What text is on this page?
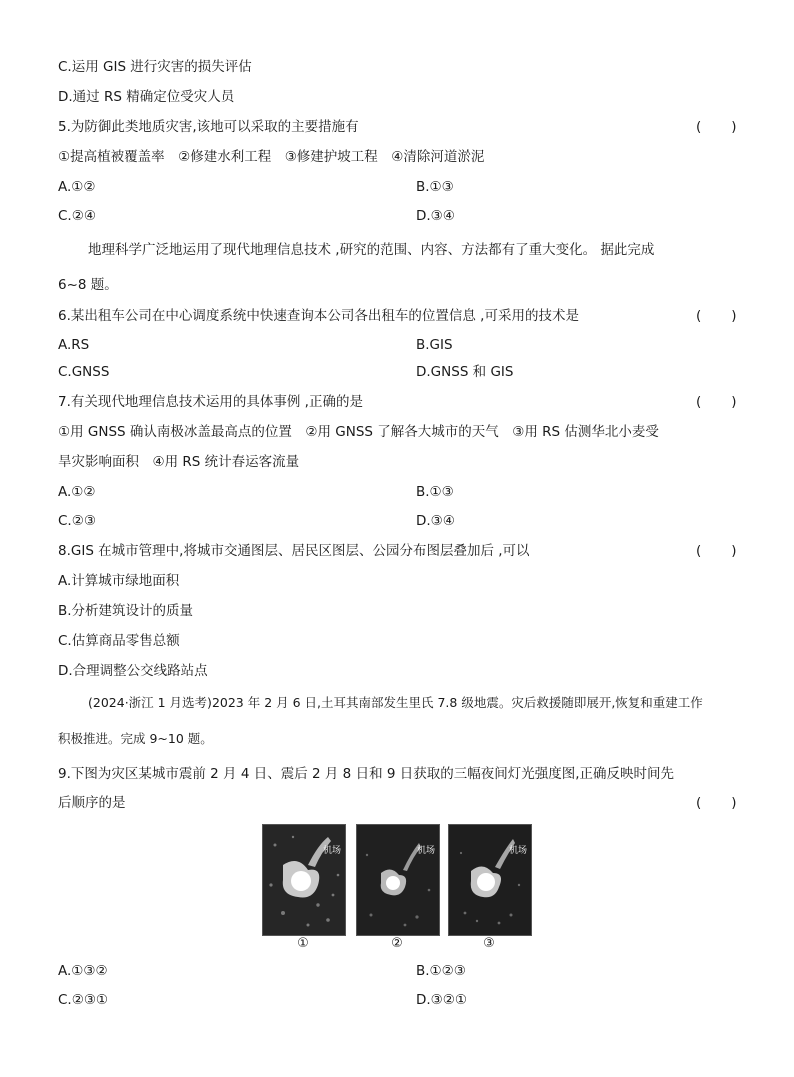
C.运用 GIS 进行灾害的损失评估
D.通过 RS 精确定位受灾人员
5.为防御此类地质灾害,该地可以采取的主要措施有	(　　)
①提高植被覆盖率　②修建水利工程　③修建护坡工程　④清除河道淤泥
A.①②	B.①③
C.②④	D.③④
地理科学广泛地运用了现代地理信息技术 ,研究的范围、内容、方法都有了重大变化。 据此完成
6~8 题。
6.某出租车公司在中心调度系统中快速查询本公司各出租车的位置信息 ,可采用的技术是	(　　)
A.RS	B.GIS
C.GNSS	D.GNSS 和 GIS
7.有关现代地理信息技术运用的具体事例 ,正确的是	(　　)
①用 GNSS 确认南极冰盖最高点的位置　②用 GNSS 了解各大城市的天气　③用 RS 估测华北小麦受
旱灾影响面积　④用 RS 统计春运客流量
A.①②	B.①③
C.②③	D.③④
8.GIS 在城市管理中,将城市交通图层、居民区图层、公园分布图层叠加后 ,可以	(　　)
A.计算城市绿地面积
B.分析建筑设计的质量
C.估算商品零售总额
D.合理调整公交线路站点
(2024·浙江 1 月选考)2023 年 2 月 6 日,土耳其南部发生里氏 7.8 级地震。灾后救援随即展开,恢复和重建工作
积极推进。完成 9~10 题。
9.下图为灾区某城市震前 2 月 4 日、震后 2 月 8 日和 9 日获取的三幅夜间灯光强度图,正确反映时间先
后顺序的是	(　　)
机场	机场	机场
①	②	③
A.①③②	B.①②③
C.②③①	D.③②①
